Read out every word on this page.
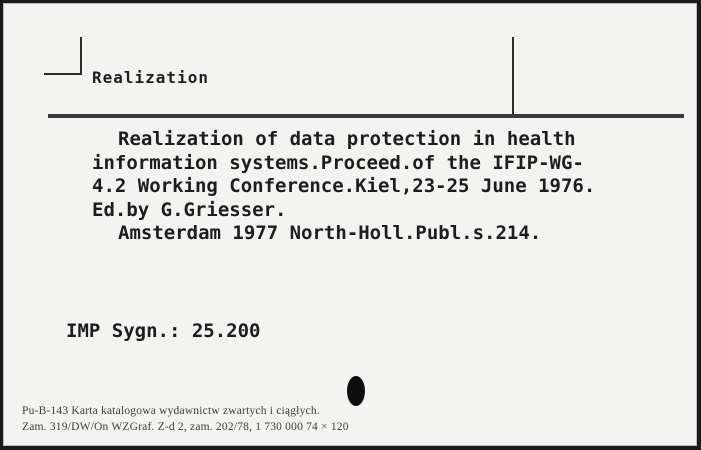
Realization
Realization of data protection in health
information systems.Proceed.of the IFIP-WG-
4.2 Working Conference.Kiel,23-25 June 1976.
Ed.by G.Griesser.
Amsterdam 1977 North-Holl.Publ.s.214.
IMP Sygn.: 25.200
Pu-B-143 Karta katalogowa wydawnictw zwartych i ciągłych.
Zam. 319/DW/On WZGraf. Z-d 2, zam. 202/78, 1 730 000 74 × 120
